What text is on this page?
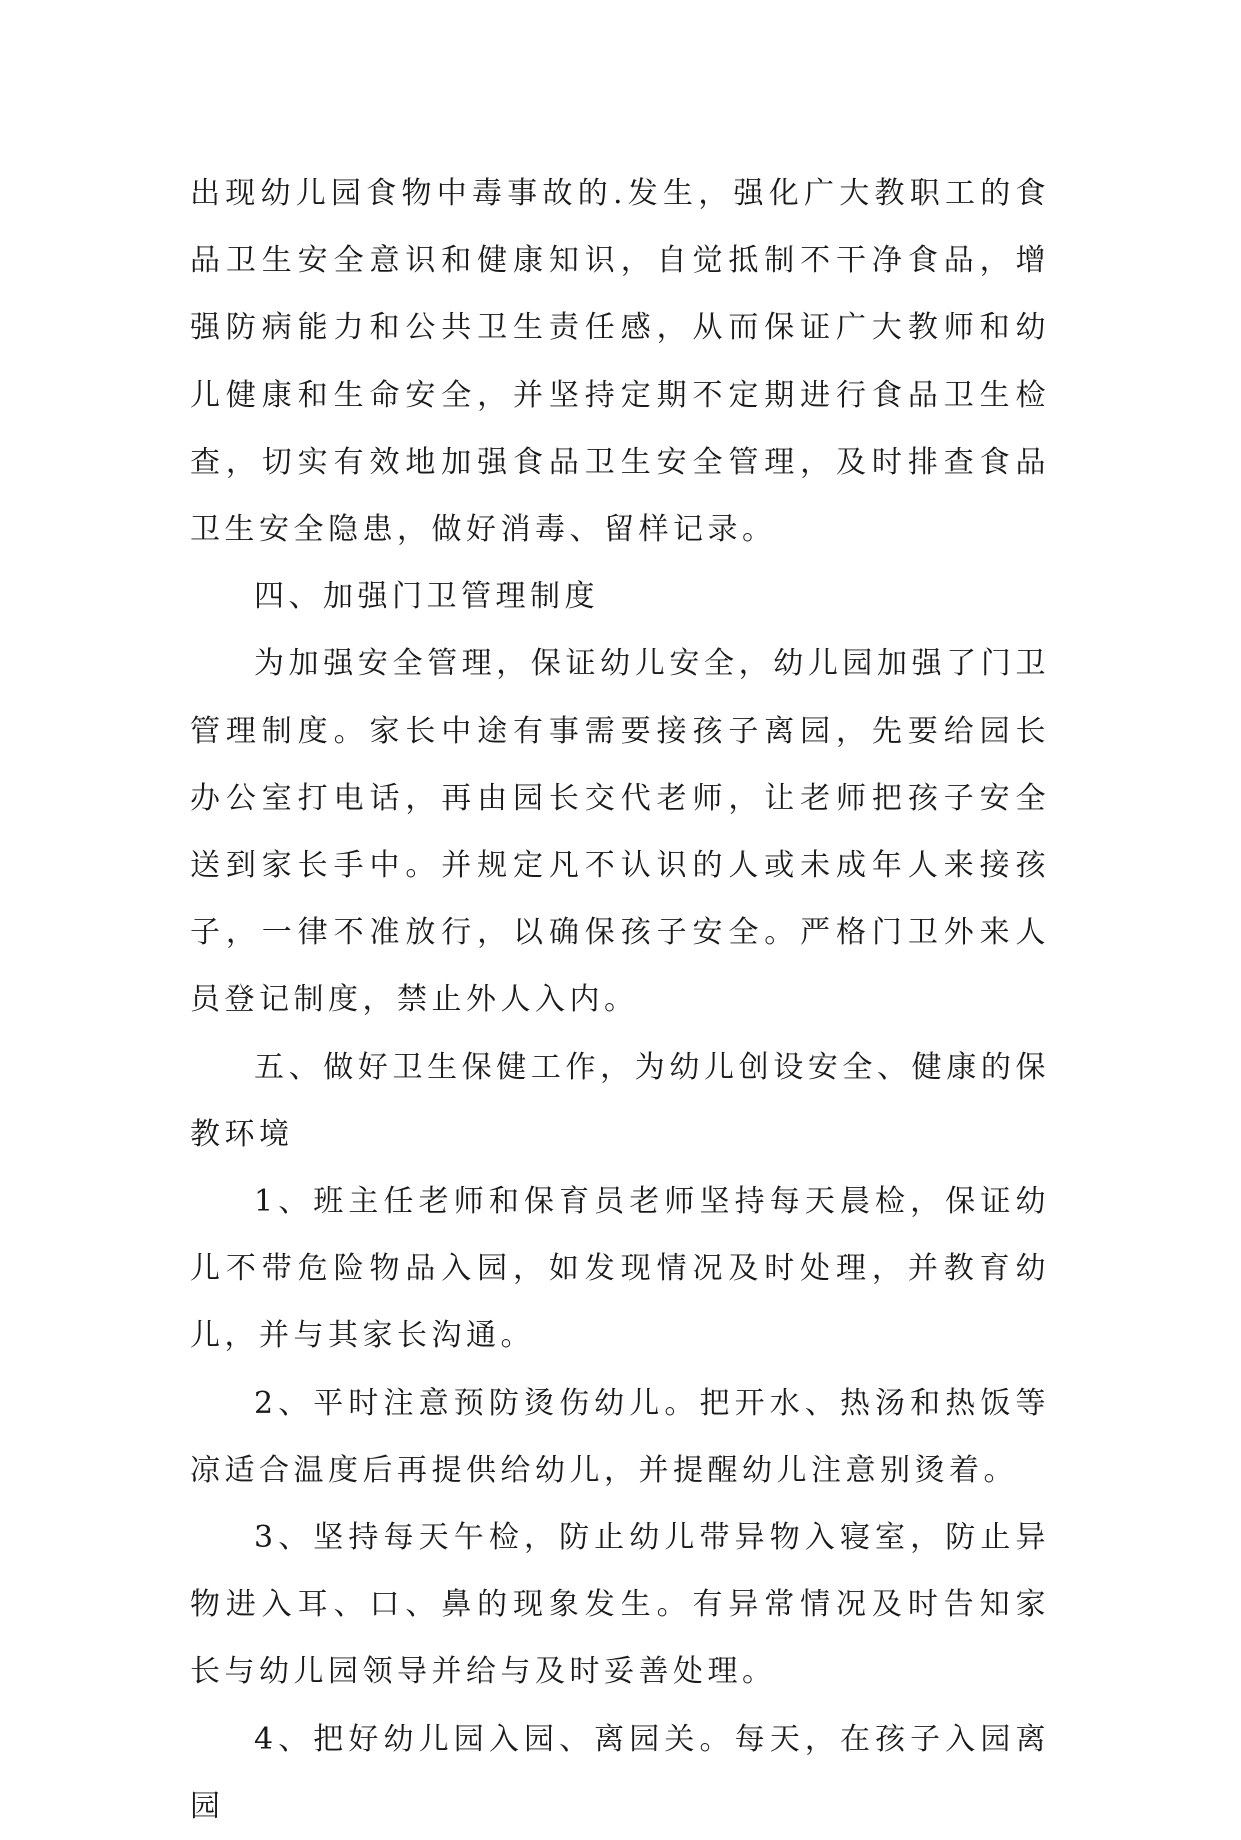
出现幼儿园食物中毒事故的.发生，强化广大教职工的食品卫生安全意识和健康知识，自觉抵制不干净食品，增强防病能力和公共卫生责任感，从而保证广大教师和幼儿健康和生命安全，并坚持定期不定期进行食品卫生检查，切实有效地加强食品卫生安全管理，及时排查食品卫生安全隐患，做好消毒、留样记录。

四、加强门卫管理制度

为加强安全管理，保证幼儿安全，幼儿园加强了门卫管理制度。家长中途有事需要接孩子离园，先要给园长办公室打电话，再由园长交代老师，让老师把孩子安全送到家长手中。并规定凡不认识的人或未成年人来接孩子，一律不准放行，以确保孩子安全。严格门卫外来人员登记制度，禁止外人入内。

五、做好卫生保健工作，为幼儿创设安全、健康的保教环境

1、班主任老师和保育员老师坚持每天晨检，保证幼儿不带危险物品入园，如发现情况及时处理，并教育幼儿，并与其家长沟通。

2、平时注意预防烫伤幼儿。把开水、热汤和热饭等凉适合温度后再提供给幼儿，并提醒幼儿注意别烫着。

3、坚持每天午检，防止幼儿带异物入寝室，防止异物进入耳、口、鼻的现象发生。有异常情况及时告知家长与幼儿园领导并给与及时妥善处理。

4、把好幼儿园入园、离园关。每天，在孩子入园离园
